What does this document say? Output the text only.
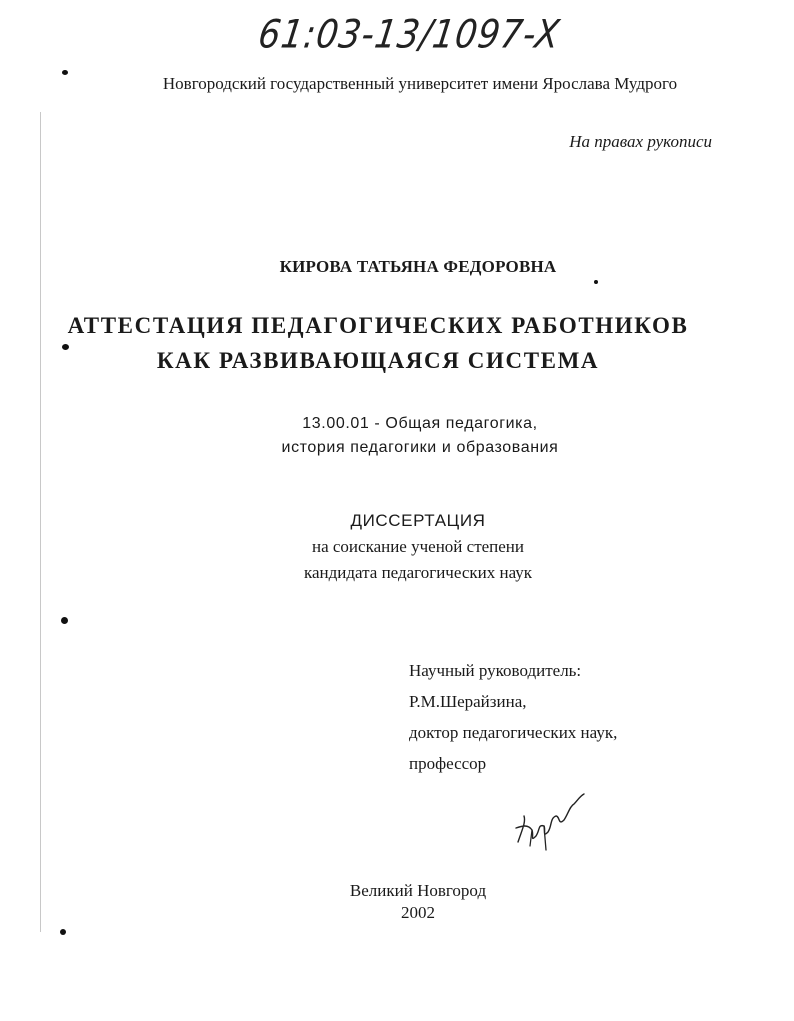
61:03-13/1097-X
Новгородский государственный университет имени Ярослава Мудрого
На правах рукописи
КИРОВА ТАТЬЯНА ФЕДОРОВНА
АТТЕСТАЦИЯ ПЕДАГОГИЧЕСКИХ РАБОТНИКОВ
КАК РАЗВИВАЮЩАЯСЯ СИСТЕМА
13.00.01 - Общая педагогика,
история педагогики и образования
ДИССЕРТАЦИЯ
на соискание ученой степени
кандидата педагогических наук
Научный руководитель:
Р.М.Шерайзина,
доктор педагогических наук,
профессор
Великий Новгород
2002
